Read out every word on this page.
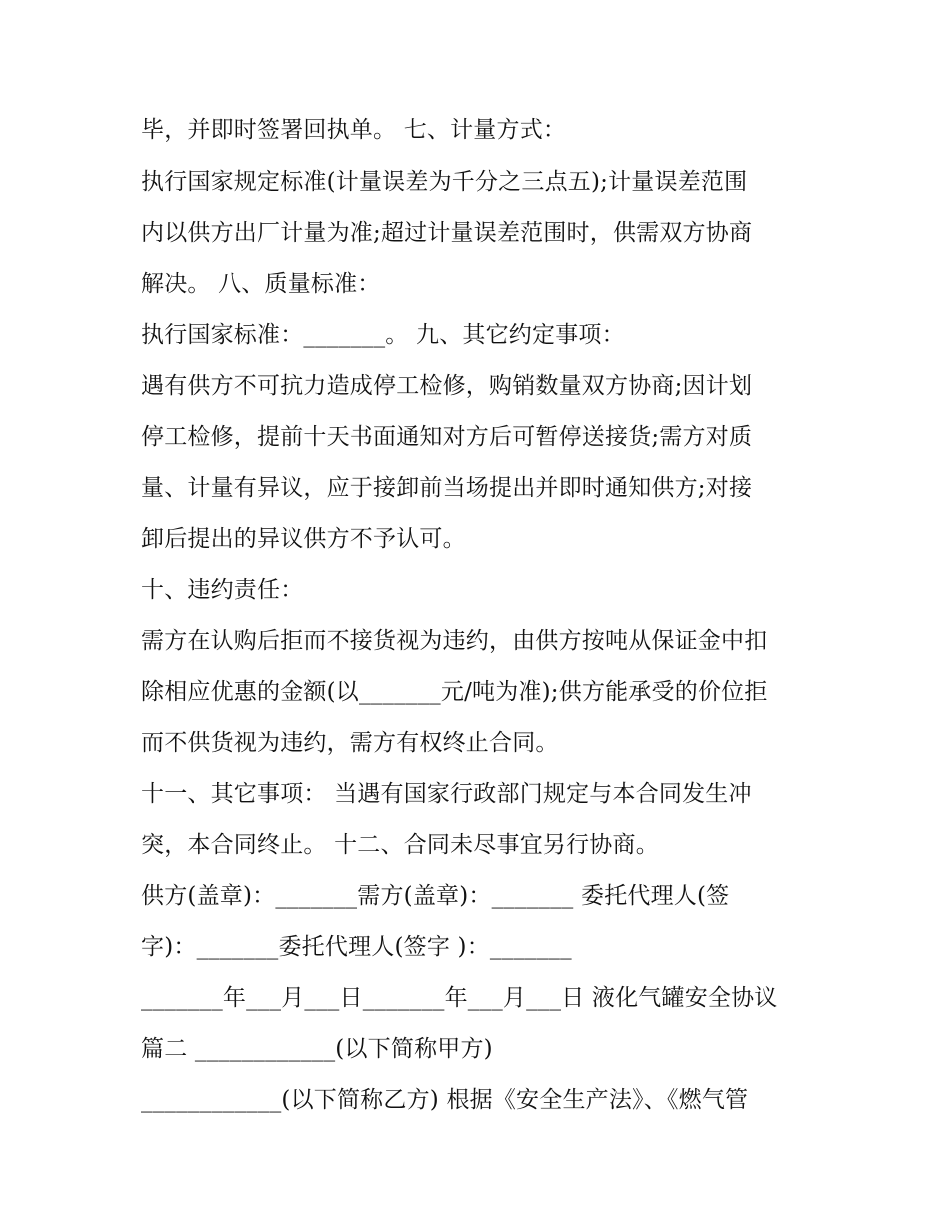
毕，并即时签署回执单。 七、计量方式：
执行国家规定标准(计量误差为千分之三点五);计量误差范围
内以供方出厂计量为准;超过计量误差范围时，供需双方协商
解决。 八、质量标准：
执行国家标准：_______。 九、其它约定事项：
遇有供方不可抗力造成停工检修，购销数量双方协商;因计划
停工检修，提前十天书面通知对方后可暂停送接货;需方对质
量、计量有异议，应于接卸前当场提出并即时通知供方;对接
卸后提出的异议供方不予认可。
十、违约责任：
需方在认购后拒而不接货视为违约，由供方按吨从保证金中扣
除相应优惠的金额(以_______元/吨为准);供方能承受的价位拒
而不供货视为违约，需方有权终止合同。
十一、其它事项： 当遇有国家行政部门规定与本合同发生冲
突，本合同终止。 十二、合同未尽事宜另行协商。
供方(盖章)：_______需方(盖章)：_______ 委托代理人(签
字)：_______委托代理人(签字 )：_______
_______年___月___日_______年___月___日 液化气罐安全协议
篇二 ____________(以下简称甲方)
____________(以下简称乙方) 根据《安全生产法》、《燃气管
